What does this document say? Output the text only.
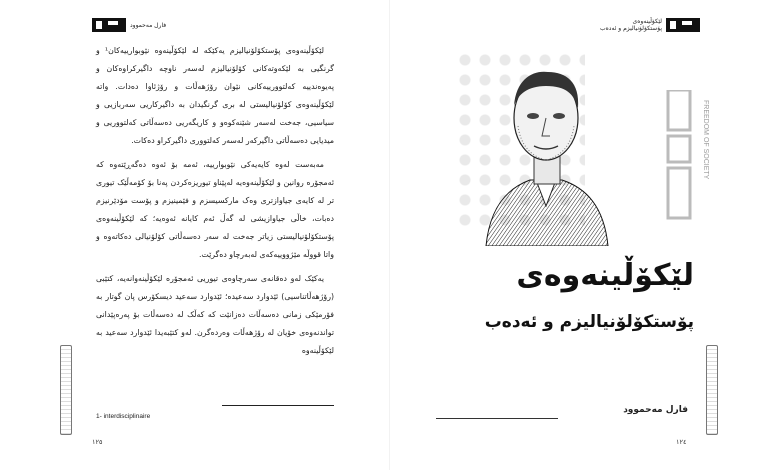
فارل مەحموود

لێکۆڵینەوەی پۆستکۆلۆنیالیزم یەکێکە لە لێکۆڵینەوە نێوبوارییەکان¹ و گرنگیی بە لێکەوتەکانی کۆلۆنیالیزم لەسەر ناوچە داگیرکراوەکان و پەیوەندییە کەلتوورییەکانی نێوان رۆژهەڵات و رۆژئاوا دەدات. واتە لێکۆڵینەوەی کۆلۆنیالیستی لە بری گرنگیدان بە داگیرکاریی سەربازیی و سیاسیی، جەخت لەسەر شێنەکوەو و کاریگەریی دەسەڵاتی کەلتووریی و میدیایی دەسەڵاتی داگیرکەر لەسەر کەلتووری داگیرکراو دەکات.

مەبەست لەوە کایەیەکی نێوبوارییە، ئەمە بۆ ئەوە دەگەڕێتەوە کە ئەمجۆرە روانین و لێکۆڵینەوەیە لەپێناو تیوریزەکردن پەنا بۆ کۆمەڵێک تیوری تر لە کایەی جیاوازتری وەک مارکسیسزم و فێمینیزم و پۆست مۆدێرنیزم دەبات، خاڵی جیاوازیشی لە گەڵ ئەم کایانە ئەوەیە؛ کە لێکۆڵینەوەی پۆستکۆلۆنیالیستی زیاتر جەخت لە سەر دەسەڵاتی کۆلۆنیالی دەکاتەوە و واتا قووڵە مێژووییەکەی لەبەرچاو دەگرێت.

یەکێک لەو دەقانەی سەرچاوەی تیوریی ئەمجۆرە لێکۆڵینەوانەیە، کتێبی (رۆژهەڵاتناسیی) ئێدوارد سەعیدە؛ ئێدوارد سەعید دیسکۆرس پان گوتار بە فۆرمێکی زمانی دەسەڵات دەزانێت کە کەڵک لە دەسەڵات بۆ پەرەپێدانی تواندنەوەی خۆیان لە رۆژهەڵات وەردەگرن. لەو کتێبەیدا ئێدوارد سەعید بە لێکۆڵینەوە

1- interdisciplinaire
١٢٥
لێکۆڵینەوەی
پۆستکۆلۆنیالیزم و ئەدەب
FREEDOM OF SOCIETY
لێکۆڵینەوەی
پۆستکۆلۆنیالیزم و ئەدەب
فارل مەحموود
١٢٤
